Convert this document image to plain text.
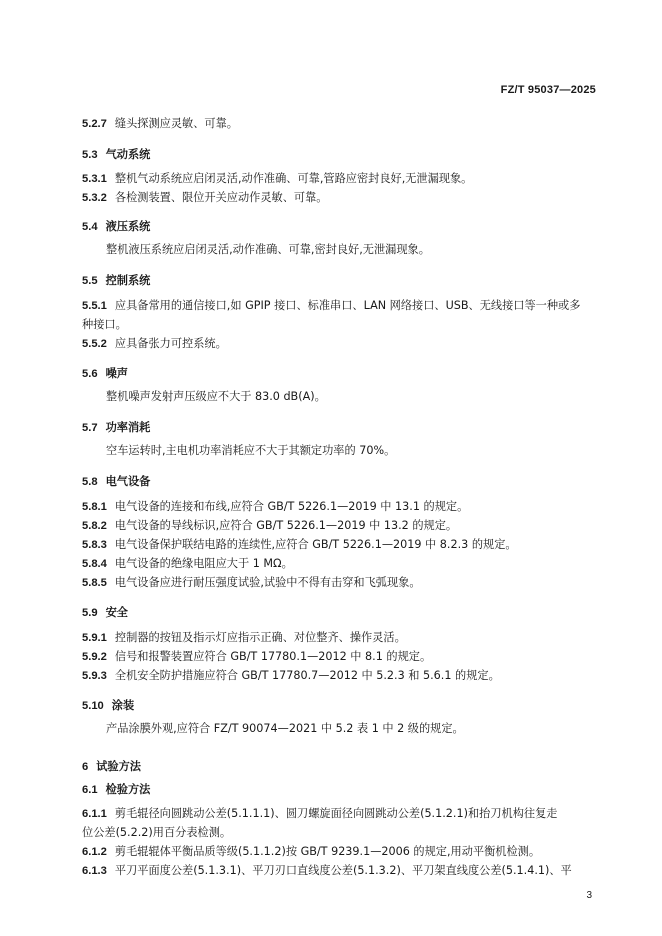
FZ/T 95037—2025
5.2.7 缝头探测应灵敏、可靠。
5.3 气动系统
5.3.1 整机气动系统应启闭灵活,动作准确、可靠,管路应密封良好,无泄漏现象。
5.3.2 各检测装置、限位开关应动作灵敏、可靠。
5.4 液压系统
整机液压系统应启闭灵活,动作准确、可靠,密封良好,无泄漏现象。
5.5 控制系统
5.5.1 应具备常用的通信接口,如 GPIP 接口、标准串口、LAN 网络接口、USB、无线接口等一种或多
种接口。
5.5.2 应具备张力可控系统。
5.6 噪声
整机噪声发射声压级应不大于 83.0 dB(A)。
5.7 功率消耗
空车运转时,主电机功率消耗应不大于其额定功率的 70%。
5.8 电气设备
5.8.1 电气设备的连接和布线,应符合 GB/T 5226.1—2019 中 13.1 的规定。
5.8.2 电气设备的导线标识,应符合 GB/T 5226.1—2019 中 13.2 的规定。
5.8.3 电气设备保护联结电路的连续性,应符合 GB/T 5226.1—2019 中 8.2.3 的规定。
5.8.4 电气设备的绝缘电阻应大于 1 MΩ。
5.8.5 电气设备应进行耐压强度试验,试验中不得有击穿和飞弧现象。
5.9 安全
5.9.1 控制器的按钮及指示灯应指示正确、对位整齐、操作灵活。
5.9.2 信号和报警装置应符合 GB/T 17780.1—2012 中 8.1 的规定。
5.9.3 全机安全防护措施应符合 GB/T 17780.7—2012 中 5.2.3 和 5.6.1 的规定。
5.10 涂装
产品涂膜外观,应符合 FZ/T 90074—2021 中 5.2 表 1 中 2 级的规定。
6 试验方法
6.1 检验方法
6.1.1 剪毛辊径向圆跳动公差(5.1.1.1)、圆刀螺旋面径向圆跳动公差(5.1.2.1)和抬刀机构往复走
位公差(5.2.2)用百分表检测。
6.1.2 剪毛辊辊体平衡品质等级(5.1.1.2)按 GB/T 9239.1—2006 的规定,用动平衡机检测。
6.1.3 平刀平面度公差(5.1.3.1)、平刀刃口直线度公差(5.1.3.2)、平刀架直线度公差(5.1.4.1)、平
3
